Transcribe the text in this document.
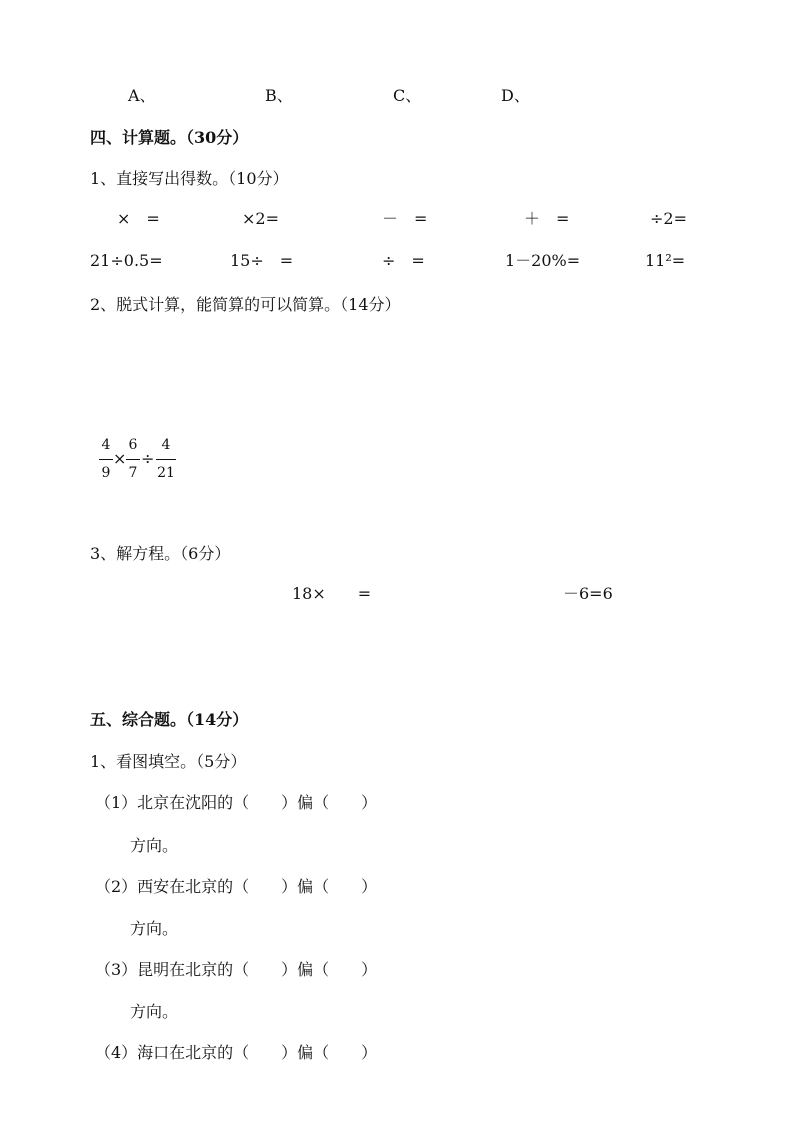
A、	B、	C、	D、
四、计算题。（30分）
1、直接写出得数。（10分）
×　=	×2=	－　=	＋　=	÷2=
21÷0.5=	15÷　=	÷　=	1－20%=	11²=
2、脱式计算，能简算的可以简算。（14分）
4
9
×
6
7
÷
4
21
3、解方程。（6分）
18×　　=	－6=6
五、综合题。（14分）
1、看图填空。（5分）
（1）北京在沈阳的（　　）偏（　　）
方向。
（2）西安在北京的（　　）偏（　　）
方向。
（3）昆明在北京的（　　）偏（　　）
方向。
（4）海口在北京的（　　）偏（　　）
